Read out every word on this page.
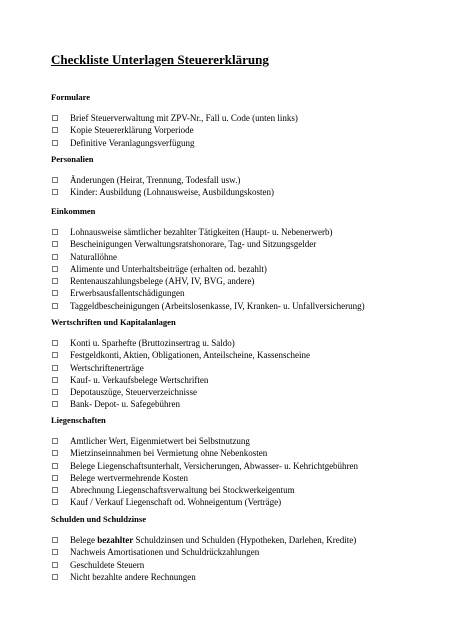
Checkliste Unterlagen Steuererklärung
Formulare
Brief Steuerverwaltung mit ZPV-Nr., Fall u. Code (unten links)
Kopie Steuererklärung Vorperiode
Definitive Veranlagungsverfügung
Personalien
Änderungen (Heirat, Trennung, Todesfall usw.)
Kinder: Ausbildung (Lohnausweise, Ausbildungskosten)
Einkommen
Lohnausweise sämtlicher bezahlter Tätigkeiten (Haupt- u. Nebenerwerb)
Bescheinigungen Verwaltungsratshonorare, Tag- und Sitzungsgelder
Naturallöhne
Alimente und Unterhaltsbeiträge (erhalten od. bezahlt)
Rentenauszahlungsbelege (AHV, IV, BVG, andere)
Erwerbsausfallentschädigungen
Taggeldbescheinigungen (Arbeitslosenkasse, IV, Kranken- u. Unfallversicherung)
Wertschriften und Kapitalanlagen
Konti u. Sparhefte (Bruttozinsertrag u. Saldo)
Festgeldkonti, Aktien, Obligationen, Anteilscheine, Kassenscheine
Wertschriftenerträge
Kauf- u. Verkaufsbelege Wertschriften
Depotauszüge, Steuerverzeichnisse
Bank- Depot- u. Safegebühren
Liegenschaften
Amtlicher Wert, Eigenmietwert bei Selbstnutzung
Mietzinseinnahmen bei Vermietung ohne Nebenkosten
Belege Liegenschaftsunterhalt, Versicherungen, Abwasser- u. Kehrichtgebühren
Belege wertvermehrende Kosten
Abrechnung Liegenschaftsverwaltung bei Stockwerkeigentum
Kauf / Verkauf Liegenschaft od. Wohneigentum (Verträge)
Schulden und Schuldzinse
Belege bezahlter Schuldzinsen und Schulden (Hypotheken, Darlehen, Kredite)
Nachweis Amortisationen und Schuldrückzahlungen
Geschuldete Steuern
Nicht bezahlte andere Rechnungen
